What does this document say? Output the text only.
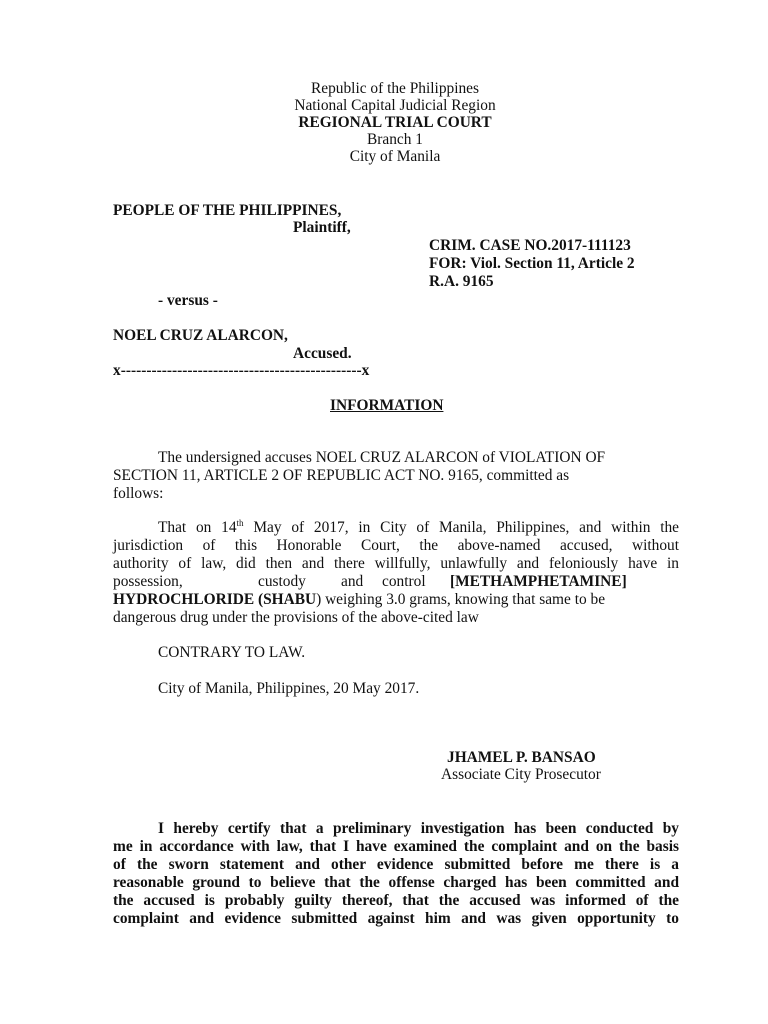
Republic of the Philippines
National Capital Judicial Region
REGIONAL TRIAL COURT
Branch 1
City of Manila
PEOPLE OF THE PHILIPPINES,
Plaintiff,
CRIM. CASE NO.2017-111123
FOR: Viol. Section 11, Article 2
R.A. 9165
- versus -
NOEL CRUZ ALARCON,
Accused.
x-----------------------------------------------x
INFORMATION
The undersigned accuses NOEL CRUZ ALARCON of VIOLATION OF
SECTION 11, ARTICLE 2 OF REPUBLIC ACT NO. 9165, committed as
follows:
That on 14th May of 2017, in City of Manila, Philippines, and within the
jurisdiction of this Honorable Court, the above-named accused, without
authority of law, did then and there willfully, unlawfully and feloniously have in
possession,	custody and control [METHAMPHETAMINE]
HYDROCHLORIDE (SHABU) weighing 3.0 grams, knowing that same to be
dangerous drug under the provisions of the above-cited law
CONTRARY TO LAW.
City of Manila, Philippines, 20 May 2017.
JHAMEL P. BANSAO
Associate City Prosecutor
I hereby certify that a preliminary investigation has been conducted by
me in accordance with law, that I have examined the complaint and on the basis
of the sworn statement and other evidence submitted before me there is a
reasonable ground to believe that the offense charged has been committed and
the accused is probably guilty thereof, that the accused was informed of the
complaint and evidence submitted against him and was given opportunity to
